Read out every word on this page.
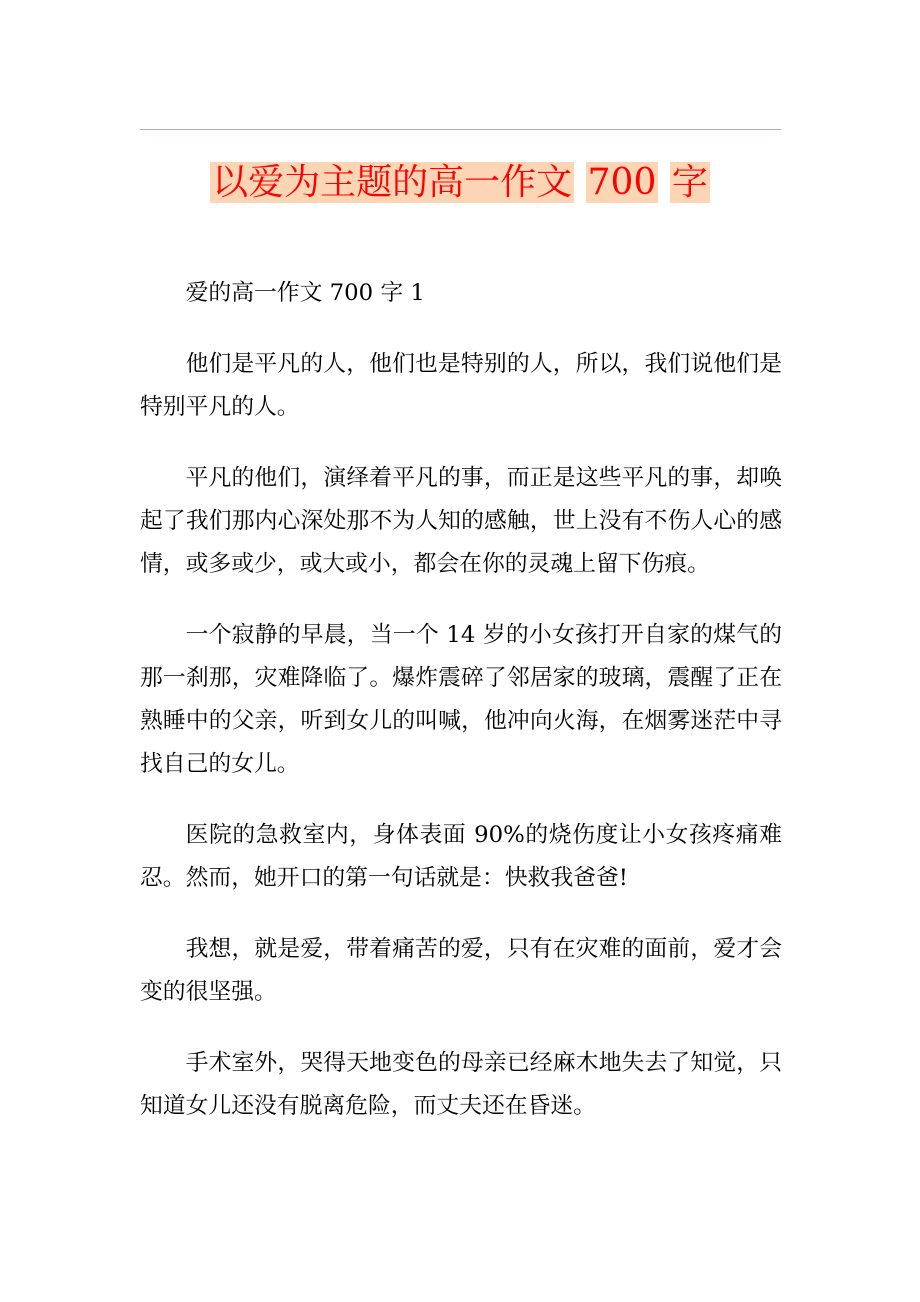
以爱为主题的高一作文 700 字

爱的高一作文 700 字 1

他们是平凡的人，他们也是特别的人，所以，我们说他们是特别平凡的人。

平凡的他们，演绎着平凡的事，而正是这些平凡的事，却唤起了我们那内心深处那不为人知的感触，世上没有不伤人心的感情，或多或少，或大或小，都会在你的灵魂上留下伤痕。

一个寂静的早晨，当一个 14 岁的小女孩打开自家的煤气的那一刹那，灾难降临了。爆炸震碎了邻居家的玻璃，震醒了正在熟睡中的父亲，听到女儿的叫喊，他冲向火海，在烟雾迷茫中寻找自己的女儿。

医院的急救室内，身体表面 90%的烧伤度让小女孩疼痛难忍。然而，她开口的第一句话就是：快救我爸爸!

我想，就是爱，带着痛苦的爱，只有在灾难的面前，爱才会变的很坚强。

手术室外，哭得天地变色的母亲已经麻木地失去了知觉，只知道女儿还没有脱离危险，而丈夫还在昏迷。
